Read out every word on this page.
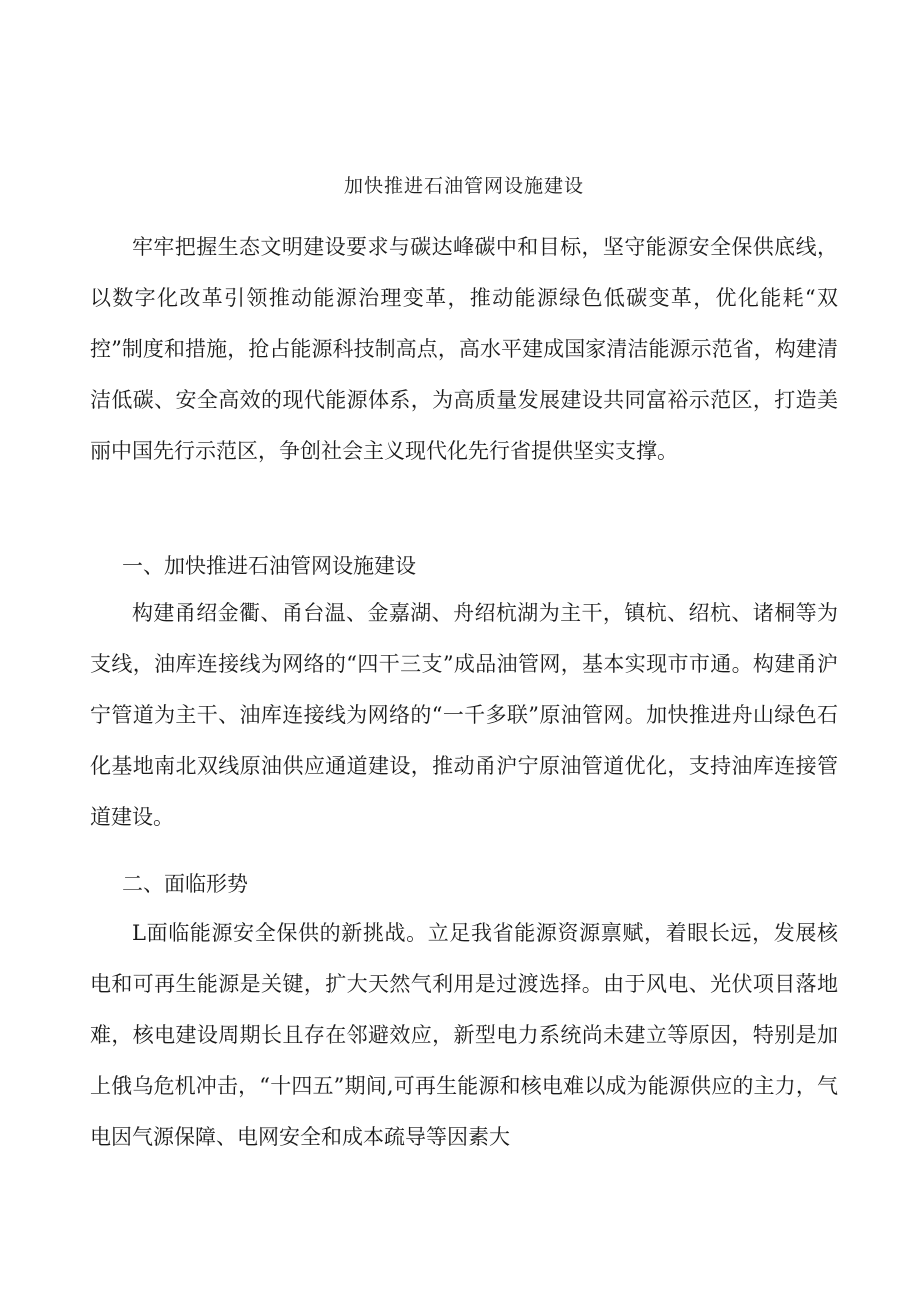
加快推进石油管网设施建设

牢牢把握生态文明建设要求与碳达峰碳中和目标，坚守能源安全保供底线，以数字化改革引领推动能源治理变革，推动能源绿色低碳变革，优化能耗“双控”制度和措施，抢占能源科技制高点，高水平建成国家清洁能源示范省，构建清洁低碳、安全高效的现代能源体系，为高质量发展建设共同富裕示范区，打造美丽中国先行示范区，争创社会主义现代化先行省提供坚实支撑。

一、加快推进石油管网设施建设

构建甬绍金衢、甬台温、金嘉湖、舟绍杭湖为主干，镇杭、绍杭、诸桐等为支线，油库连接线为网络的“四干三支”成品油管网，基本实现市市通。构建甬沪宁管道为主干、油库连接线为网络的“一千多联”原油管网。加快推进舟山绿色石化基地南北双线原油供应通道建设，推动甬沪宁原油管道优化，支持油库连接管道建设。

二、面临形势

L面临能源安全保供的新挑战。立足我省能源资源禀赋，着眼长远，发展核电和可再生能源是关键，扩大天然气利用是过渡选择。由于风电、光伏项目落地难，核电建设周期长且存在邻避效应，新型电力系统尚未建立等原因，特别是加上俄乌危机冲击，“十四五”期间,可再生能源和核电难以成为能源供应的主力，气电因气源保障、电网安全和成本疏导等因素大
